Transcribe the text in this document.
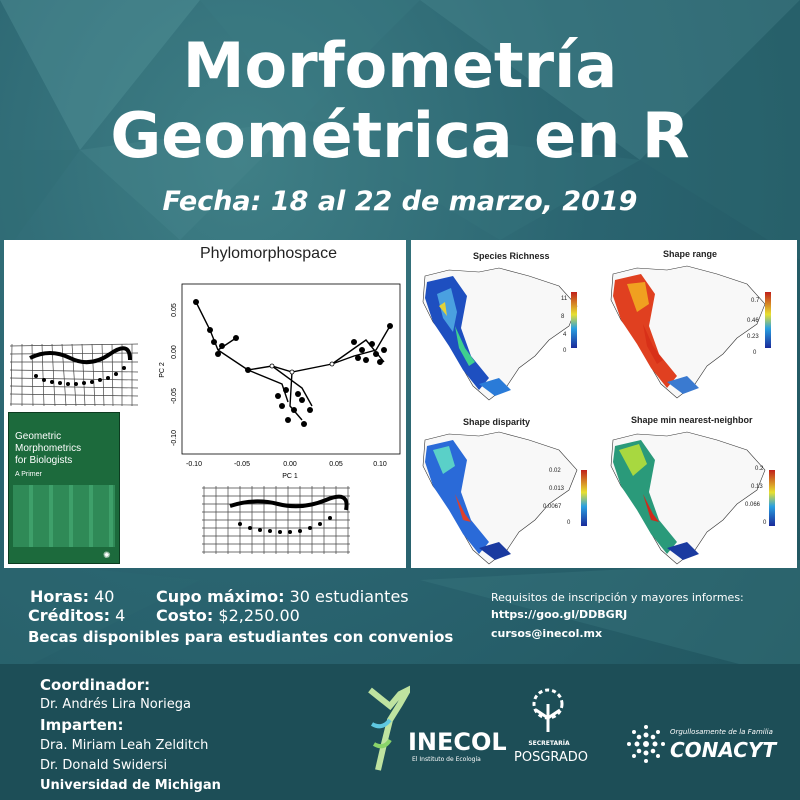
Morfometría
Geométrica en R
Fecha: 18 al 22 de marzo, 2019
Phylomorphospace
Geometric
Morphometrics
for Biologists
A Primer
✺
-0.10	-0.05	0.00	0.05	0.10
PC 1
0.05
0.00
-0.05
-0.10
PC 2
Species Richness	Shape range
Shape disparity	Shape min nearest-neighbor
11
8
4
0
0.7
0.46
0.23
0
0.02
0.013
0.0067
0
0.2
0.13
0.066
0
Horas: 40
Créditos: 4
Cupo máximo: 30 estudiantes
Costo: $2,250.00
Becas disponibles para estudiantes con convenios
Requisitos de inscripción y mayores informes:
https://goo.gl/DDBGRJ
cursos@inecol.mx
Coordinador:
Dr. Andrés Lira Noriega
Imparten:
Dra. Miriam Leah Zelditch
Dr. Donald Swidersi
Universidad de Michigan
INECOL
El Instituto de Ecología
SECRETARÍA
POSGRADO
Orgullosamente de la Familia
CONACYT
